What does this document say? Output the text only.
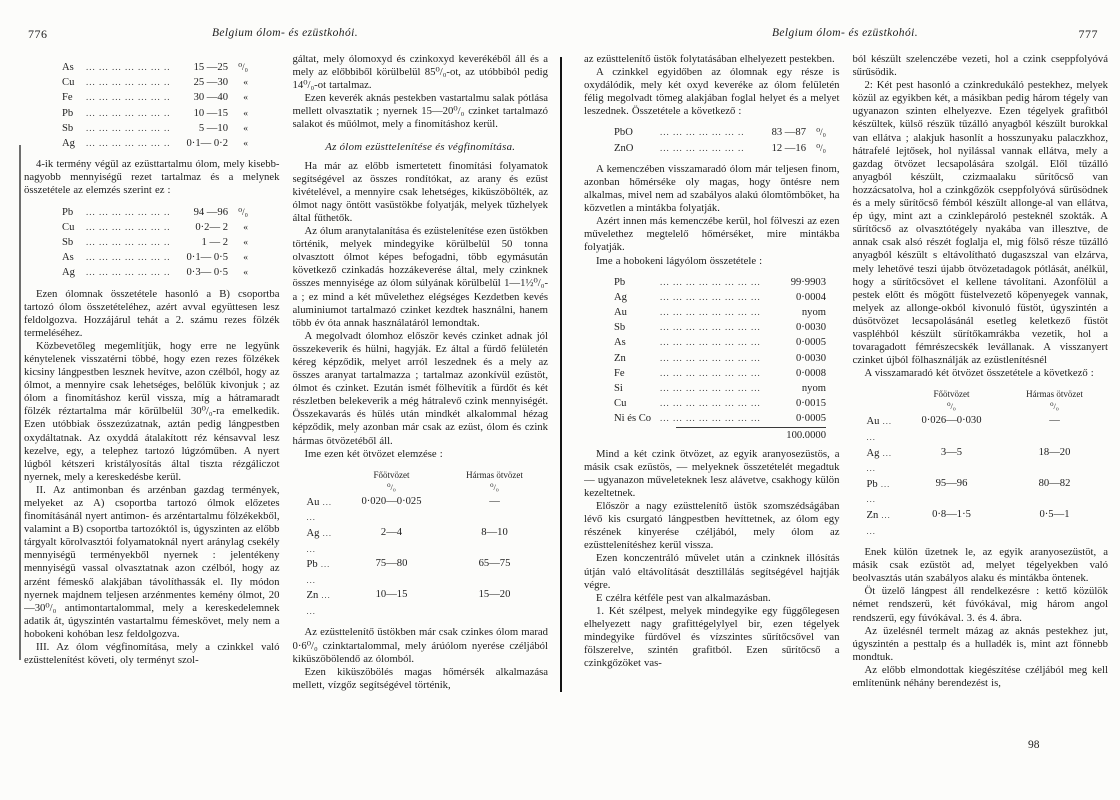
776	Belgium ólom- és ezüstkohói.
As ... .	15 —25	⁰/₀
Cu ... .	25 —30	«
Fe ... .	30 —40	«
Pb ... .	10 —15	«
Sb ... .	5 —10	«
Ag ... .	0·1— 0·2	«

4-ik termény végül az ezüsttartalmu ólom, mely kisebb-nagyobb mennyiségű rezet tartalmaz és a melynek összetétele az elemzés szerint ez :

Pb ... .	94 —96	⁰/₀
Cu ... .	0·2— 2	«
Sb ... .	1 — 2	«
As ... .	0·1— 0·5	«
Ag ... .	0·3— 0·5	«

Ezen ólomnak összetétele hasonló a B) csoportba tartozó ólom összetételéhez, azért avval együttesen lesz feldolgozva. Hozzájárul tehát a 2. számu rezes fölzék termeléséhez.

Közbevetőleg megemlítjük, hogy erre ne legyünk kénytelenek visszatérni többé, hogy ezen rezes fölzékek kicsiny lángpestben lesznek hevítve, azon czélból, hogy az ólmot, a mennyire csak lehetséges, belőlük kivonjuk ; az ólom a finomításhoz kerül vissza, míg a hátramaradt fölzék réztartalma már körülbelül 30⁰/₀-ra emelkedik. Ezen utóbbiak összezúzatnak, aztán pedig lángpestben oxydáltatnak. Az oxyddá átalakított réz kénsavval lesz kezelve, egy, a telephez tartozó lúgzóműben. A nyert lúgból kétszeri kristályosítás által tiszta rézgáliczot nyernek, mely a kereskedésbe kerül.

II. Az antimonban és arzénban gazdag termények, melyeket az A) csoportba tartozó ólmok előzetes finomításánál nyert antimon- és arzéntartalmu fölzékekből, valamint a B) csoportba tartozóktól is, úgyszinten az előbb tárgyalt körolvasztói folyamatoknál nyert aránylag csekély mennyiségü terményekből nyernek : jelentékeny mennyiségü vassal olvasztatnak azon czélból, hogy az arzént fémeskő alakjában távolíthassák el. Ily módon nyernek majdnem teljesen arzénmentes kemény ólmot, 20—30⁰/₀ antimontartalommal, mely a kereskedelemnek adatik át, úgyszintén vastartalmu fémeskövet, mely nem a hobokeni kohóban lesz feldolgozva.

III. Az ólom végfinomítása, mely a czinkkel való ezüsttelenítést követi, oly terményt szol-

gáltat, mely ólomoxyd és czinkoxyd keverékéből áll és a mely az előbbiből körülbelül 85⁰/₀-ot, az utóbbiból pedig 14⁰/₀-ot tartalmaz.

Ezen keverék aknás pestekben vastartalmu salak pótlása mellett olvasztatik ; nyernek 15—20⁰/₀ czinket tartalmazó salakot és műólmot, mely a finomításhoz kerül.

Az ólom ezüsttelenítése és végfinomítása.

Ha már az előbb ismertetett finomítási folyamatok segítségével az összes rondítókat, az arany és ezüst kivételével, a mennyire csak lehetséges, kiküszöbölték, az ólmot nagy öntött vasüstökbe folyatják, melyek tűzhelyek által fűthetők.

Az ólum aranytalanítása és ezüstelenítése ezen üstökben történik, melyek mindegyike körülbelül 50 tonna olvasztott ólmot képes befogadni, több egymásután következő czinkadás hozzákeverése által, mely czinknek összes mennyisége az ólom súlyának körülbelül 1—1½⁰/₀-a ; ez mind a két művelethez elégséges Kezdetben kevés aluminiumot tartalmazó czinket kezdtek használni, hanem több év óta annak használatáról lemondtak.

A megolvadt ólomhoz először kevés czinket adnak jól összekeverik és hülni, hagyják. Ez által a fürdő felületén kéreg képződik, melyet arról leszednek és a mely az összes aranyat tartalmazza ; tartalmaz azonkívül ezüstöt, ólmot és czinket. Ezután ismét fölhevítik a fürdőt és két részletben belekeverik a még hátralevő czink mennyiségét. Összekavarás és hülés után mindkét alkalommal hézag képződik, mely azonban már csak az ezüst, ólom és czink hármas ötvözetéből áll.

Ime ezen két ötvözet elemzése :

Főötvözet	Hármas ötvözet
⁰/₀	⁰/₀
Au ... ...	0·020—0·025	—
Ag ... ...	2—4	8—10
Pb ... ...	75—80	65—75
Zn ... ...	10—15	15—20

Az ezüsttelenítő üstökben már csak czinkes ólom marad 0·6⁰/₀ czinktartalommal, mely árúólom nyerése czéljából kiküszöbölendő az ólomból.

Ezen kiküszöbölés magas hőmérsék alkalmazása mellett, vízgőz segítségével történik,

Belgium ólom- és ezüstkohói.	777

az ezüsttelenítő üstök folytatásában elhelyezett pestekben.

A czinkkel egyidőben az ólomnak egy része is oxydálódik, mely két oxyd keveréke az ólom felületén félig megolvadt tömeg alakjában foglal helyet és a melyet leszednek. Összetétele a következő :

PbO ... .	83 —87	⁰/₀
ZnO ... .	12 —16	⁰/₀

A kemenczében visszamaradó ólom már teljesen finom, azonban hőmérséke oly magas, hogy öntésre nem alkalmas, mivel nem ad szabályos alakú ólomtömböket, ha közvetlen a mintákba folyatják.

Azért innen más kemenczébe kerül, hol fölveszi az ezen művelethez megtelelő hőmérséket, mire mintákba folyatják.

Ime a hobokeni lágyólom összetétele :

Pb ... .	99·9903
Ag ... .	0·0004
Au ... .	nyom
Sb ... .	0·0030
As ... .	0·0005
Zn ... .	0·0030
Fe ... .	0·0008
Si ... .	nyom
Cu ... .	0·0015
Ni és Co ... .	0·0005
100.0000

Mind a két czink ötvözet, az egyik aranyosezüstös, a másik csak ezüstös, — melyeknek összetételét megadtuk — ugyanazon műveleteknek lesz alávetve, csakhogy külön kezeltetnek.

Először a nagy ezüsttelenítő üstök szomszédságában lévő kis csurgató lángpestben hevíttetnek, az ólom egy részének kinyerése czéljából, mely ólom az ezüsttelenítéshez kerül vissza.

Ezen konczentráló művelet után a czinknek illósítás útján való eltávolítását desztillálás segítségével hajtják végre.

E czélra kétféle pest van alkalmazásban.

1. Két szélpest, melyek mindegyike egy függőlegesen elhelyezett nagy grafittégelylyel bir, ezen tégelyek mindegyike fürdővel és vízszintes sűrítőcsővel van fölszerelve, szintén grafitból. Ezen sűrítőcső a czinkgőzöket vas-

ból készült szelenczébe vezeti, hol a czink cseppfolyóvá sűrűsödik.

2: Két pest hasonló a czinkredukáló pestekhez, melyek közül az egyikben két, a másikban pedig három tégely van ugyanazon szinten elhelyezve. Ezen tégelyek grafitból készültek, külső részük tűzálló anyagból készült burokkal van ellátva ; alakjuk hasonlít a hosszunyaku palaczkhoz, hátrafelé lejtősek, hol nyilással vannak ellátva, mely a gazdag ötvözet lecsapolására szolgál. Elől tűzálló anyagból készült, czizmaalaku sűrítőcső van hozzácsatolva, hol a czinkgőzök cseppfolyóvá sűrűsödnek és a mely sűrítőcső fémból készült allonge-al van ellátva, ép úgy, mint azt a czinklepároló pesteknél szokták. A sűrítőcső az olvasztótégely nyakába van illesztve, de annak csak alsó részét foglalja el, mig fölső része tűzálló anyagból készült s eltávolítható dugaszszal van elzárva, mely lehetővé teszi újabb ötvözetadagok pótlását, anélkül, hogy a sűrítőcsövet el kellene távolítani. Azonfölül a pestek előtt és mögött füstelvezető köpenyegek vannak, melyek az allonge-okból kivonuló füstöt, úgyszintén a dúsötvözet lecsapolásánál esetleg keletkező füstöt vaspléhból készült sűrítőkamrákba vezetik, hol a tovaragadott fémrészecskék levállanak. A visszanyert czinket újból fölhasználják az ezüstlenítésnél

A visszamaradó két ötvözet összetétele a következő :

Főötvözet	Hármas ötvözet
⁰/₀	⁰/₀
Au ... ...	0·026—0·030	—
Ag ... ...	3—5	18—20
Pb ... ...	95—96	80—82
Zn ... ...	0·8—1·5	0·5—1

Enek külön űzetnek le, az egyik aranyosezüstöt, a másik csak ezüstöt ad, melyet tégelyekben való beolvasztás után szabályos alaku és mintákba öntenek.

Öt üzelő lángpest áll rendelkezésre : kettő közülök német rendszerü, két fúvókával, mig három angol rendszerű, egy fúvókával. 3. és 4. ábra.

Az üzelésnél termelt mázag az aknás pestekhez jut, úgyszintén a pesttalp és a hulladék is, mint azt fönnebb mondtuk.

Az előbb elmondottak kiegészítése czéljából meg kell említenünk néhány berendezést is,

98
